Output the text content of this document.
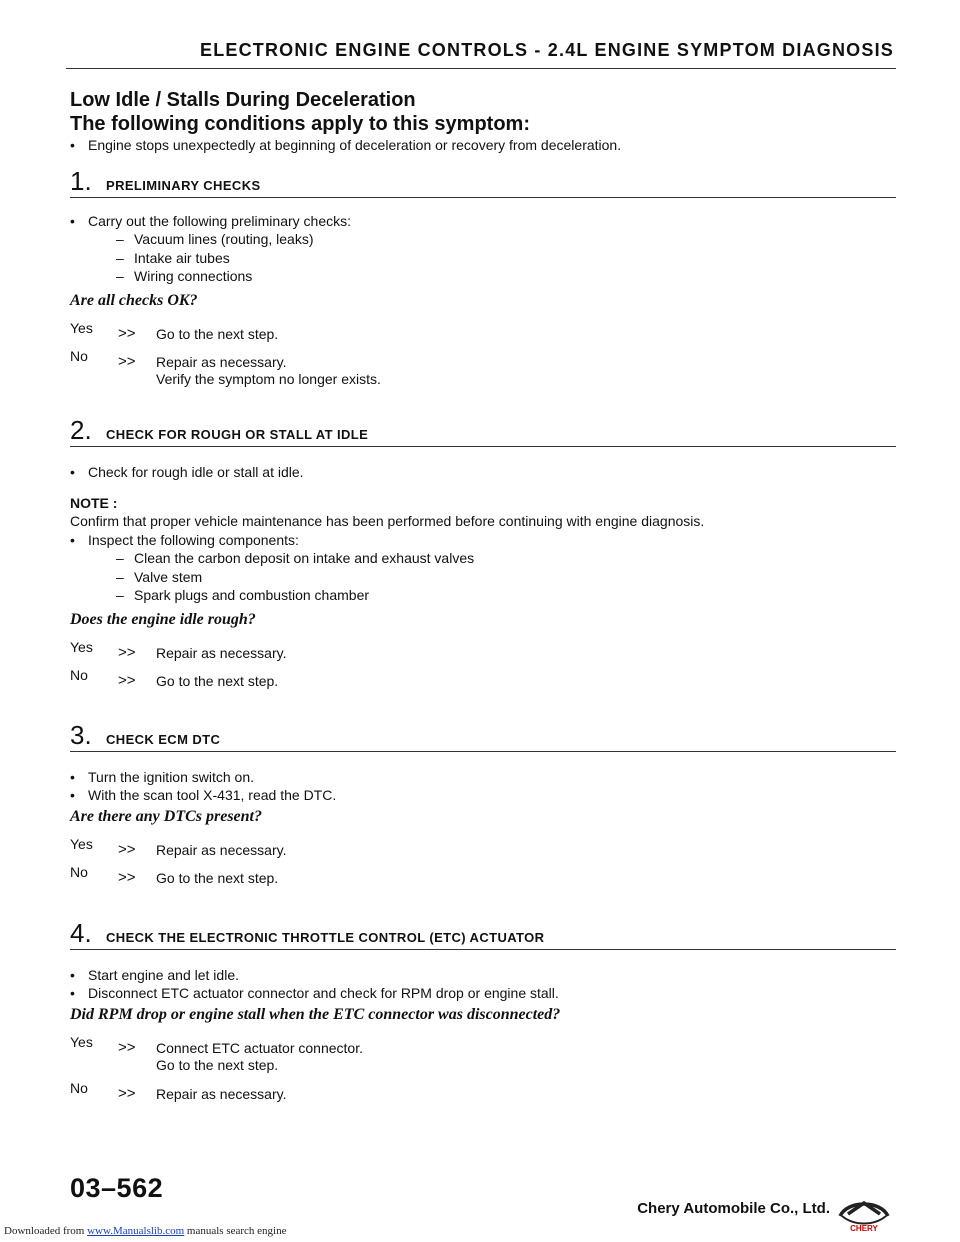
ELECTRONIC ENGINE CONTROLS - 2.4L ENGINE SYMPTOM DIAGNOSIS
Low Idle / Stalls During Deceleration
The following conditions apply to this symptom:
• Engine stops unexpectedly at beginning of deceleration or recovery from deceleration.
1. PRELIMINARY CHECKS
• Carry out the following preliminary checks:
– Vacuum lines (routing, leaks)
– Intake air tubes
– Wiring connections
Are all checks OK?
Yes >> Go to the next step.
No >> Repair as necessary.
Verify the symptom no longer exists.
2. CHECK FOR ROUGH OR STALL AT IDLE
• Check for rough idle or stall at idle.
NOTE :
Confirm that proper vehicle maintenance has been performed before continuing with engine diagnosis.
• Inspect the following components:
– Clean the carbon deposit on intake and exhaust valves
– Valve stem
– Spark plugs and combustion chamber
Does the engine idle rough?
Yes >> Repair as necessary.
No >> Go to the next step.
3. CHECK ECM DTC
• Turn the ignition switch on.
• With the scan tool X-431, read the DTC.
Are there any DTCs present?
Yes >> Repair as necessary.
No >> Go to the next step.
4. CHECK THE ELECTRONIC THROTTLE CONTROL (ETC) ACTUATOR
• Start engine and let idle.
• Disconnect ETC actuator connector and check for RPM drop or engine stall.
Did RPM drop or engine stall when the ETC connector was disconnected?
Yes >> Connect ETC actuator connector.
Go to the next step.
No >> Repair as necessary.
03–562
Chery Automobile Co., Ltd.
CHERY
Downloaded from www.Manualslib.com manuals search engine
